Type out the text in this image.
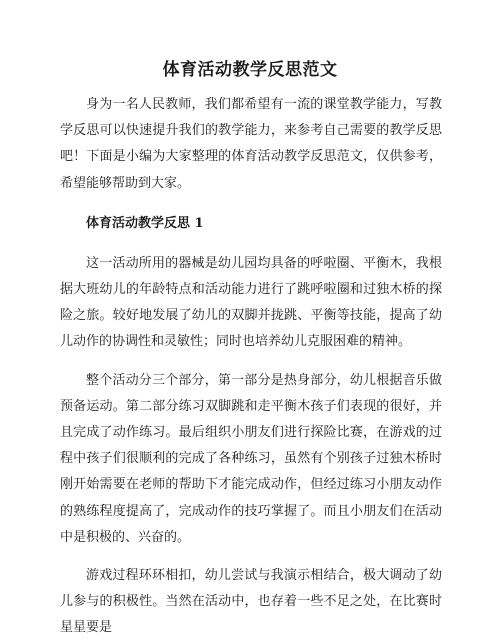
体育活动教学反思范文

身为一名人民教师，我们都希望有一流的课堂教学能力，写教学反思可以快速提升我们的教学能力，来参考自己需要的教学反思吧！下面是小编为大家整理的体育活动教学反思范文，仅供参考，希望能够帮助到大家。

体育活动教学反思 1

这一活动所用的器械是幼儿园均具备的呼啦圈、平衡木，我根据大班幼儿的年龄特点和活动能力进行了跳呼啦圈和过独木桥的探险之旅。较好地发展了幼儿的双脚并拢跳、平衡等技能，提高了幼儿动作的协调性和灵敏性；同时也培养幼儿克服困难的精神。

整个活动分三个部分，第一部分是热身部分，幼儿根据音乐做预备运动。第二部分练习双脚跳和走平衡木孩子们表现的很好，并且完成了动作练习。最后组织小朋友们进行探险比赛，在游戏的过程中孩子们很顺利的完成了各种练习，虽然有个别孩子过独木桥时刚开始需要在老师的帮助下才能完成动作，但经过练习小朋友动作的熟练程度提高了，完成动作的技巧掌握了。而且小朋友们在活动中是积极的、兴奋的。

游戏过程环环相扣，幼儿尝试与我演示相结合，极大调动了幼儿参与的积极性。当然在活动中，也存着一些不足之处，在比赛时星星要是
